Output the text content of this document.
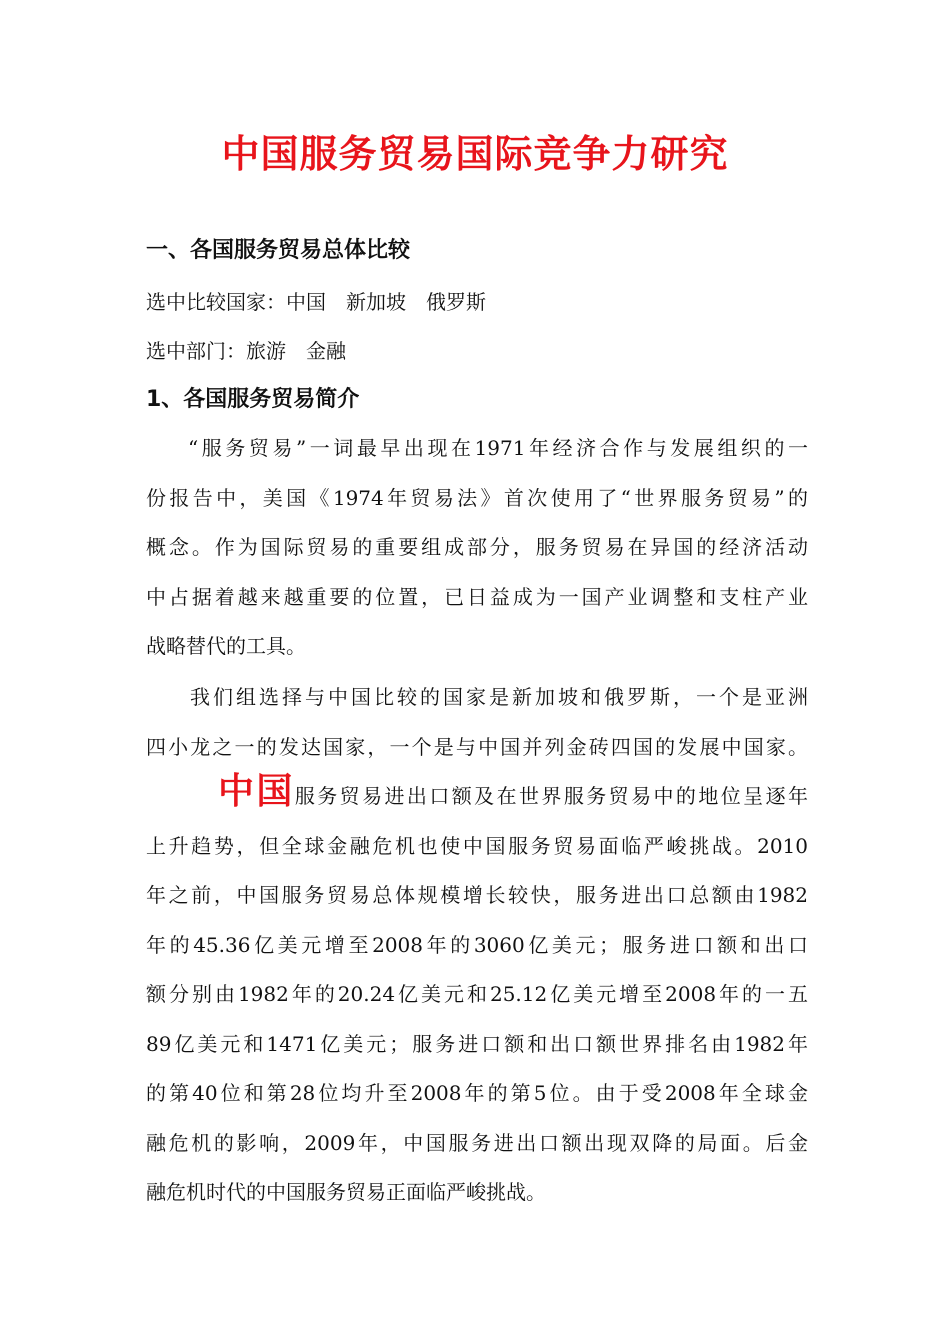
中国服务贸易国际竞争力研究
一、各国服务贸易总体比较

选中比较国家：中国　新加坡　俄罗斯

选中部门：旅游　金融

1、各国服务贸易简介
“服务贸易”一词最早出现在1971年经济合作与发展组织的一
份报告中，美国《1974年贸易法》首次使用了“世界服务贸易”的
概念。作为国际贸易的重要组成部分，服务贸易在异国的经济活动
中占据着越来越重要的位置，已日益成为一国产业调整和支柱产业
战略替代的工具。
我们组选择与中国比较的国家是新加坡和俄罗斯，一个是亚洲
四小龙之一的发达国家，一个是与中国并列金砖四国的发展中国家。
中国服务贸易进出口额及在世界服务贸易中的地位呈逐年
上升趋势，但全球金融危机也使中国服务贸易面临严峻挑战。2010
年之前，中国服务贸易总体规模增长较快，服务进出口总额由1982
年的45.36亿美元增至2008年的3060亿美元；服务进口额和出口
额分别由1982年的20.24亿美元和25.12亿美元增至2008年的一五
89亿美元和1471亿美元；服务进口额和出口额世界排名由1982年
的第40位和第28位均升至2008年的第5位。由于受2008年全球金
融危机的影响，2009年，中国服务进出口额出现双降的局面。后金
融危机时代的中国服务贸易正面临严峻挑战。
